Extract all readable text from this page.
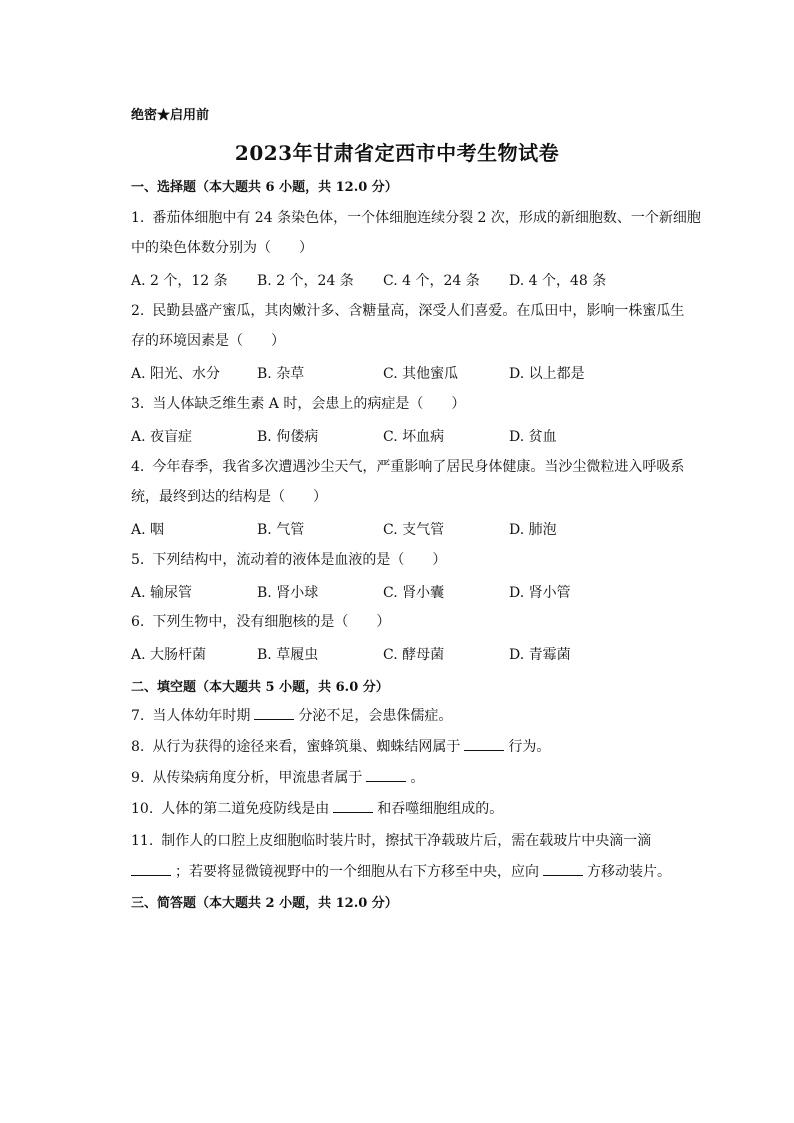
绝密★启用前
2023年甘肃省定西市中考生物试卷
一、选择题（本大题共 6 小题，共 12.0 分）
1. 番茄体细胞中有 24 条染色体，一个体细胞连续分裂 2 次，形成的新细胞数、一个新细胞
中的染色体数分别为（　　）
A. 2 个，12 条 B. 2 个，24 条 C. 4 个，24 条 D. 4 个，48 条
2. 民勤县盛产蜜瓜，其肉嫩汁多、含糖量高，深受人们喜爱。在瓜田中，影响一株蜜瓜生
存的环境因素是（　　）
A. 阳光、水分	B. 杂草	C. 其他蜜瓜	D. 以上都是
3. 当人体缺乏维生素 A 时，会患上的病症是（　　）
A. 夜盲症	B. 佝偻病	C. 坏血病	D. 贫血
4. 今年春季，我省多次遭遇沙尘天气，严重影响了居民身体健康。当沙尘微粒进入呼吸系
统，最终到达的结构是（　　）
A. 咽	B. 气管	C. 支气管	D. 肺泡
5. 下列结构中，流动着的液体是血液的是（　　）
A. 输尿管	B. 肾小球	C. 肾小囊	D. 肾小管
6. 下列生物中，没有细胞核的是（　　）
A. 大肠杆菌	B. 草履虫	C. 酵母菌	D. 青霉菌
二、填空题（本大题共 5 小题，共 6.0 分）
7. 当人体幼年时期	分泌不足，会患侏儒症。
8. 从行为获得的途径来看，蜜蜂筑巢、蜘蛛结网属于	行为。
9. 从传染病角度分析，甲流患者属于	。
10. 人体的第二道免疫防线是由	和吞噬细胞组成的。
11. 制作人的口腔上皮细胞临时装片时，擦拭干净载玻片后，需在载玻片中央滴一滴
；若要将显微镜视野中的一个细胞从右下方移至中央，应向	方移动装片。
三、简答题（本大题共 2 小题，共 12.0 分）
